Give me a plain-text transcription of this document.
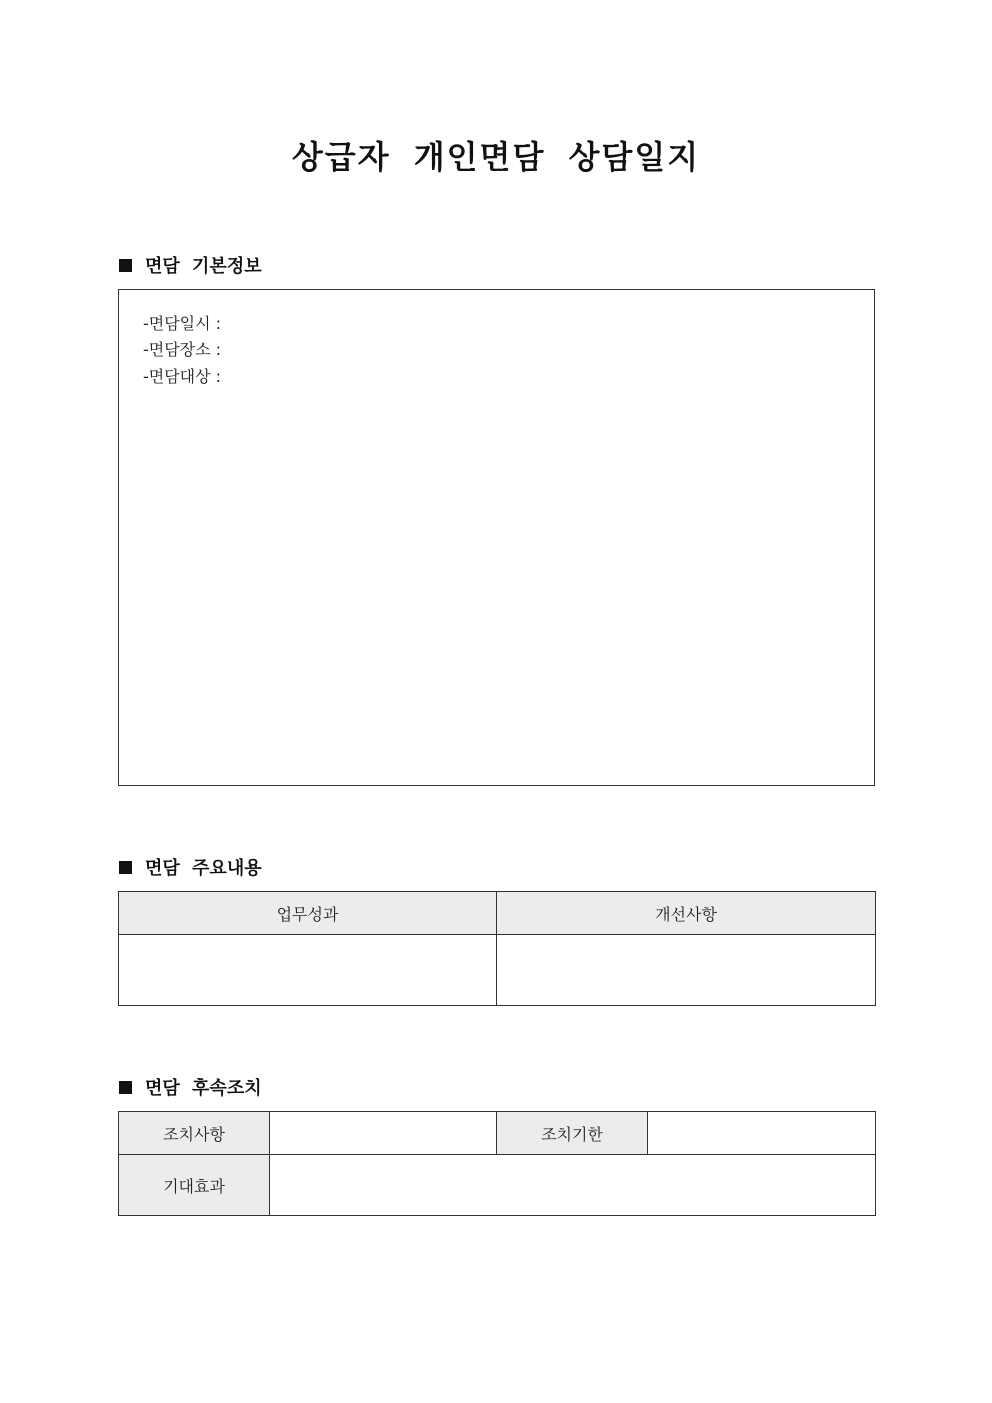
상급자 개인면담 상담일지
면담 기본정보
-면담일시 :
-면담장소 :
-면담대상 :
면담 주요내용
업무성과	개선사항

면담 후속조치
조치사항		조치기한	
기대효과			
